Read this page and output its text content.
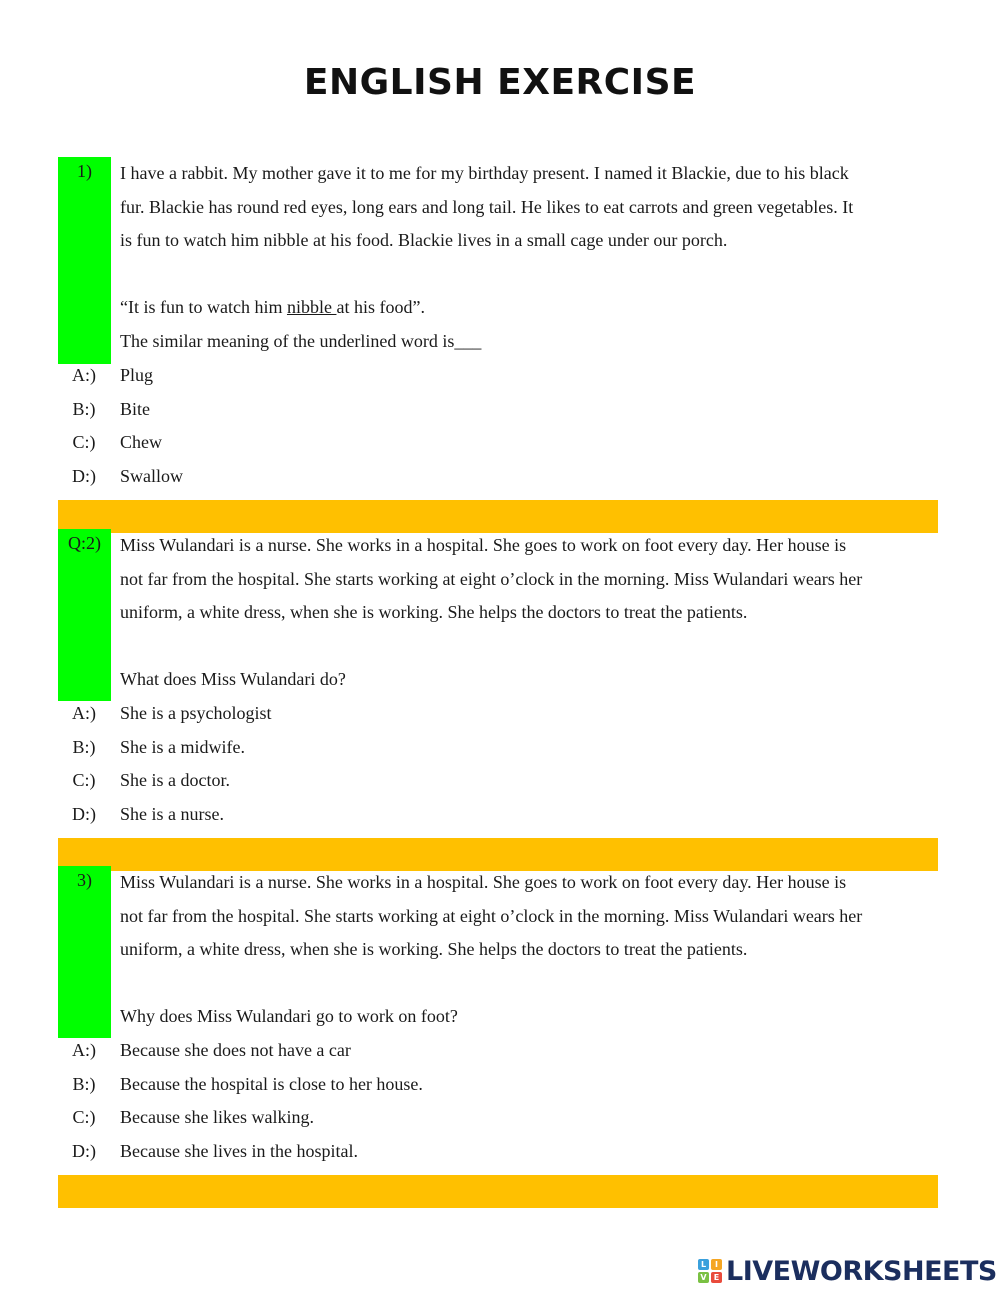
ENGLISH EXERCISE
1)	I have a rabbit. My mother gave it to me for my birthday present. I named it Blackie, due to his black
fur. Blackie has round red eyes, long ears and long tail. He likes to eat carrots and green vegetables. It
is fun to watch him nibble at his food. Blackie lives in a small cage under our porch.
“It is fun to watch him nibble at his food”.
The similar meaning of the underlined word is___
A:) Plug
B:) Bite
C:) Chew
D:) Swallow
Q:2)	Miss Wulandari is a nurse. She works in a hospital. She goes to work on foot every day. Her house is
not far from the hospital. She starts working at eight o’clock in the morning. Miss Wulandari wears her
uniform, a white dress, when she is working. She helps the doctors to treat the patients.
What does Miss Wulandari do?
A:) She is a psychologist
B:) She is a midwife.
C:) She is a doctor.
D:) She is a nurse.
3)	Miss Wulandari is a nurse. She works in a hospital. She goes to work on foot every day. Her house is
not far from the hospital. She starts working at eight o’clock in the morning. Miss Wulandari wears her
uniform, a white dress, when she is working. She helps the doctors to treat the patients.
Why does Miss Wulandari go to work on foot?
A:) Because she does not have a car
B:) Because the hospital is close to her house.
C:) Because she likes walking.
D:) Because she lives in the hospital.
L	I
V E LIVEWORKSHEETS
